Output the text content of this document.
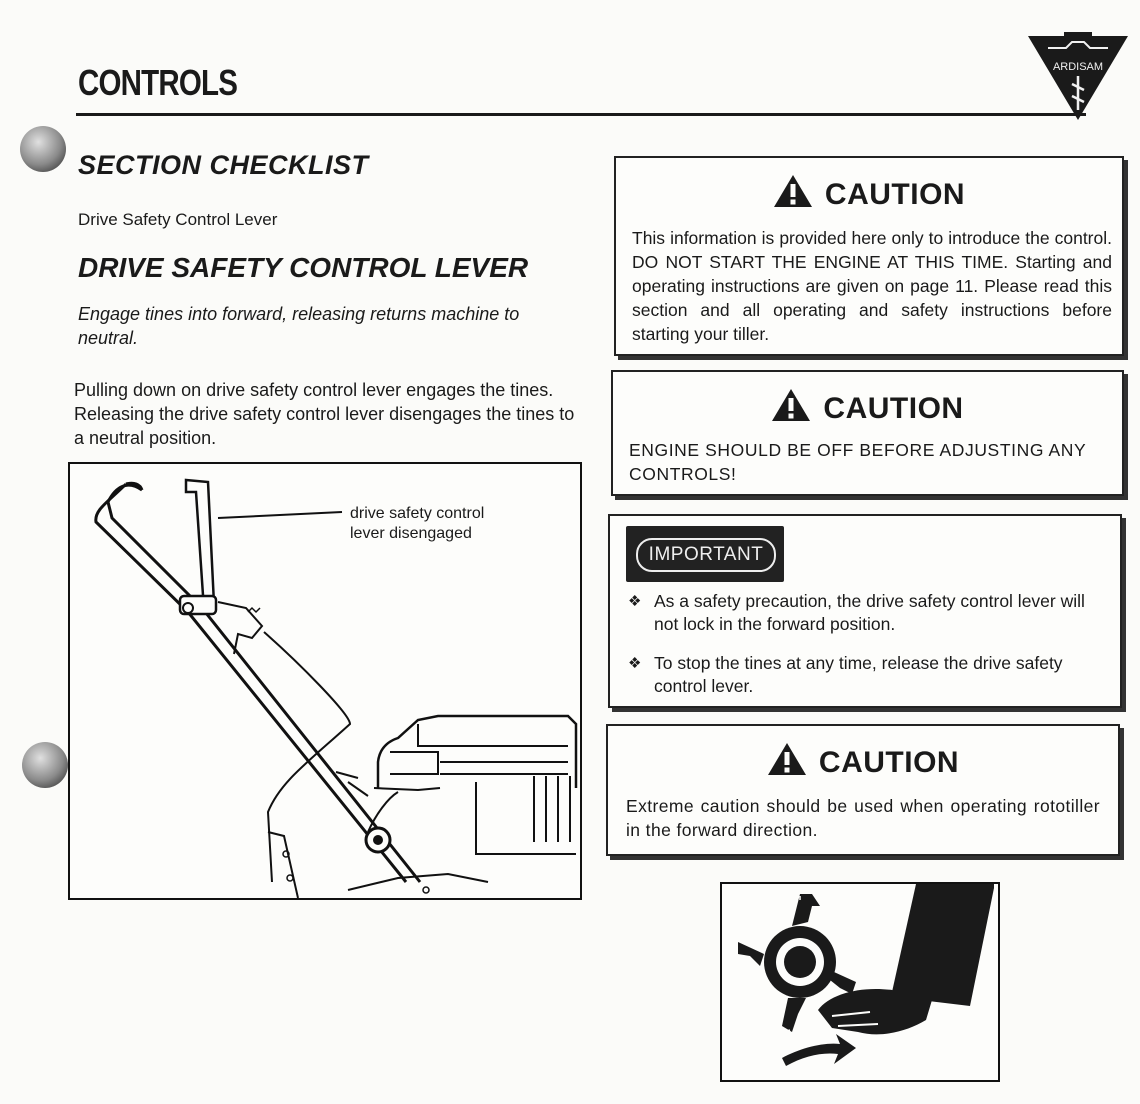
CONTROLS	ARDISAM
SECTION CHECKLIST
Drive Safety Control Lever
DRIVE SAFETY CONTROL LEVER
Engage tines into forward, releasing returns machine to neutral.
Pulling down on drive safety control lever engages the tines. Releasing the drive safety control lever disengages the tines to a neutral position.
drive safety control
lever disengaged
CAUTION
This information is provided here only to introduce the control. DO NOT START THE ENGINE AT THIS TIME. Starting and operating instructions are given on page 11. Please read this section and all operating and safety instructions before starting your tiller.
CAUTION
ENGINE SHOULD BE OFF BEFORE ADJUSTING ANY CONTROLS!
IMPORTANT
❖ As a safety precaution, the drive safety control lever will not lock in the forward position.
❖ To stop the tines at any time, release the drive safety control lever.
CAUTION
Extreme caution should be used when operating rototiller in the forward direction.
